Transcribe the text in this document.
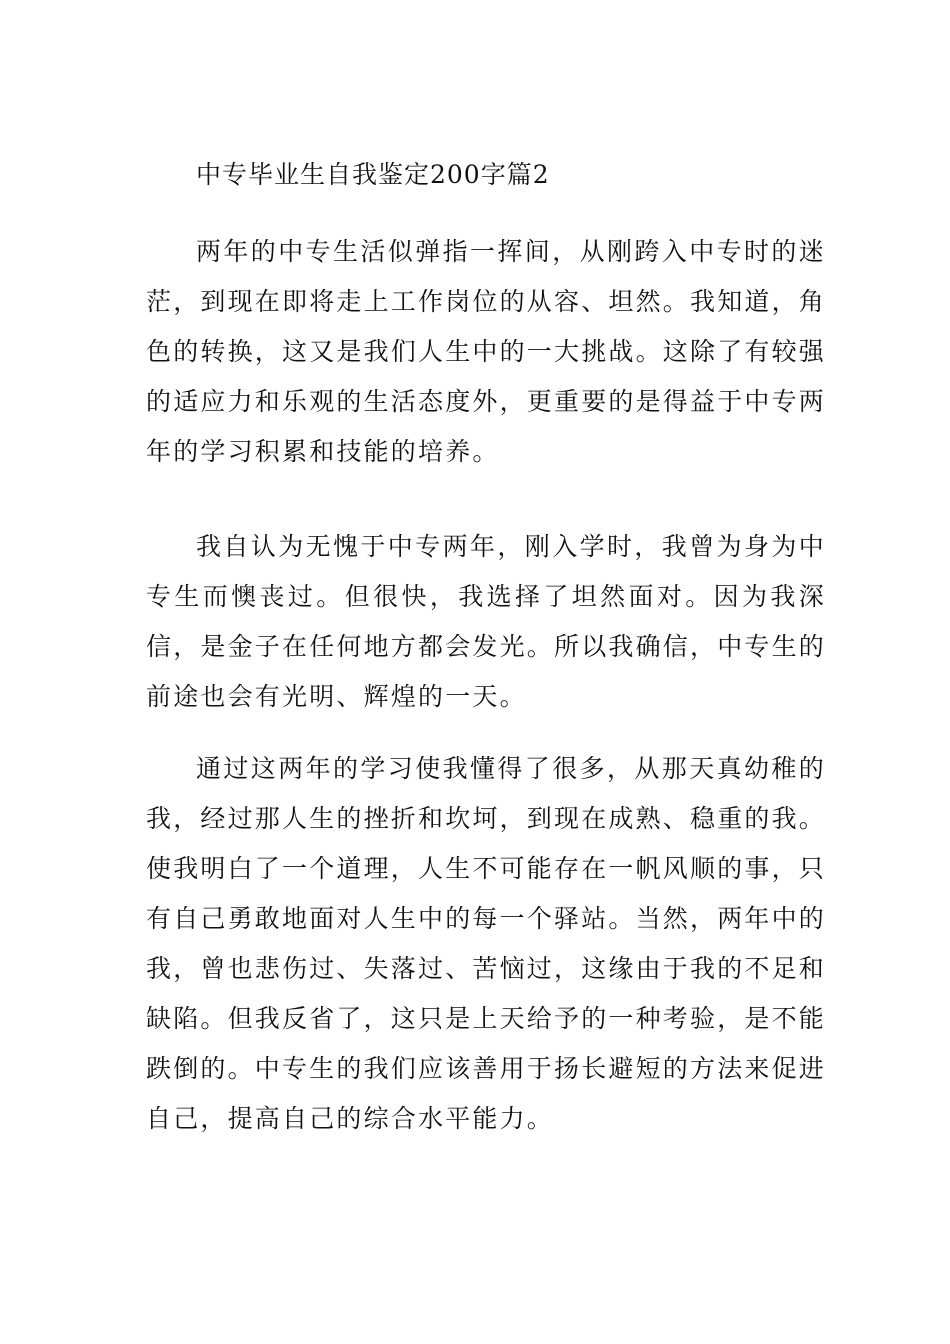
中专毕业生自我鉴定200字篇2

两年的中专生活似弹指一挥间，从刚跨入中专时的迷茫，到现在即将走上工作岗位的从容、坦然。我知道，角色的转换，这又是我们人生中的一大挑战。这除了有较强的适应力和乐观的生活态度外，更重要的是得益于中专两年的学习积累和技能的培养。

我自认为无愧于中专两年，刚入学时，我曾为身为中专生而懊丧过。但很快，我选择了坦然面对。因为我深信，是金子在任何地方都会发光。所以我确信，中专生的前途也会有光明、辉煌的一天。

通过这两年的学习使我懂得了很多，从那天真幼稚的我，经过那人生的挫折和坎坷，到现在成熟、稳重的我。使我明白了一个道理，人生不可能存在一帆风顺的事，只有自己勇敢地面对人生中的每一个驿站。当然，两年中的我，曾也悲伤过、失落过、苦恼过，这缘由于我的不足和缺陷。但我反省了，这只是上天给予的一种考验，是不能跌倒的。中专生的我们应该善用于扬长避短的方法来促进自己，提高自己的综合水平能力。
